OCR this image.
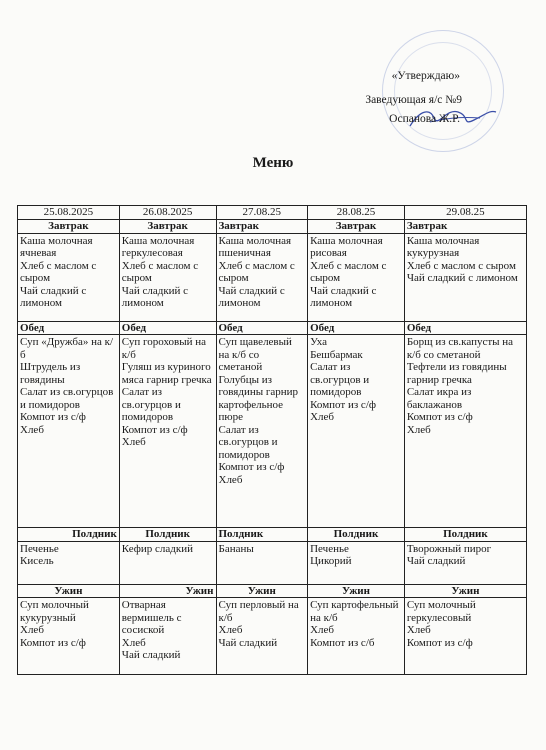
«Утверждаю»
Заведующая я/с №9
Оспанова Ж.Р.
Меню
25.08.2025	26.08.2025	27.08.25	28.08.25	29.08.25
Завтрак	Завтрак	Завтрак	Завтрак	Завтрак

Каша молочная ячневая
Хлеб с маслом с сыром
Чай сладкий с лимоном	Каша молочная геркулесовая
Хлеб с маслом с сыром
Чай сладкий с лимоном	Каша молочная пшеничная
Хлеб с маслом с сыром
Чай сладкий с лимоном	Каша молочная рисовая
Хлеб с маслом с сыром
Чай сладкий с лимоном	Каша молочная кукурузная
Хлеб с маслом с сыром
Чай сладкий с лимоном

Обед	Обед	Обед	Обед	Обед

Суп «Дружба» на к/б
Штрудель из говядины
Салат из св.огурцов и помидоров
Компот из с/ф
Хлеб	Суп гороховый на к/б
Гуляш из куриного мяса гарнир гречка
Салат из св.огурцов и помидоров
Компот из с/ф
Хлеб	Суп щавелевый на к/б со сметаной
Голубцы из говядины гарнир картофельное пюре
Салат из св.огурцов и помидоров
Компот из с/ф
Хлеб	Уха
Бешбармак
Салат из св.огурцов и помидоров
Компот из с/ф
Хлеб	Борщ из св.капусты на к/б со сметаной
Тефтели из говядины гарнир гречка
Салат икра из баклажанов
Компот из с/ф
Хлеб

Полдник	Полдник	Полдник	Полдник	Полдник

Печенье
Кисель	Кефир сладкий	Бананы	Печенье
Цикорий	Творожный пирог
Чай сладкий

Ужин	Ужин	Ужин	Ужин	Ужин

Суп молочный кукурузный
Хлеб
Компот из с/ф	Отварная вермишель с сосиской
Хлеб
Чай сладкий	Суп перловый на к/б
Хлеб
Чай сладкий	Суп картофельный на к/б
Хлеб
Компот из с/б	Суп молочный геркулесовый
Хлеб
Компот из с/ф
